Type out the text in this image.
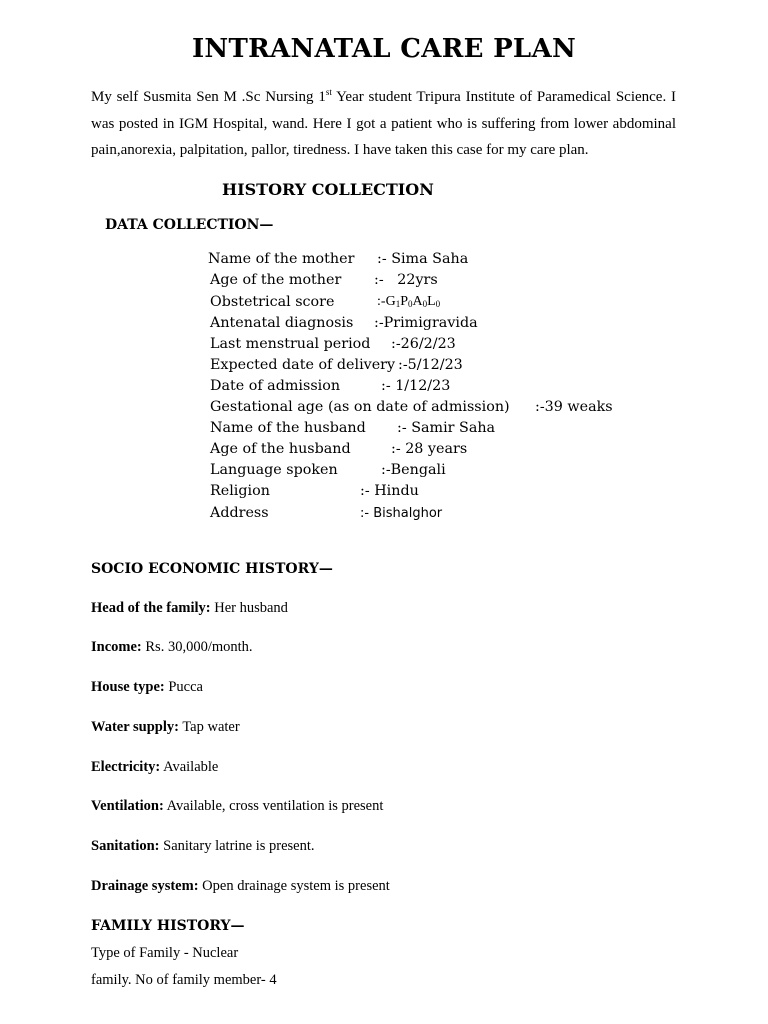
INTRANATAL CARE PLAN

My self Susmita Sen M .Sc Nursing 1st Year student Tripura Institute of Paramedical Science. I was posted in IGM Hospital, wand. Here I got a patient who is suffering from lower abdominal pain,anorexia, palpitation, pallor, tiredness. I have taken this case for my care plan.

HISTORY COLLECTION
DATA COLLECTION—
Name of the mother :- Sima Saha
Age of the mother :-   22yrs
Obstetrical score	$:-G_1P_0A_0L_0$
Antenatal diagnosis :-Primigravida
Last menstrual period :-26/2/23
Expected date of delivery :-5/12/23
Date of admission	:- 1/12/23
Gestational age (as on date of admission) :-39 weaks
Name of the husband :- Samir Saha
Age of the husband	:- 28 years
Language spoken	:-Bengali
Religion	:- Hindu
Address	:- Bishalghor
SOCIO ECONOMIC HISTORY—
Head of the family: Her husband
Income: Rs. 30,000/month.
House type: Pucca
Water supply: Tap water
Electricity: Available
Ventilation: Available, cross ventilation is present
Sanitation: Sanitary latrine is present.
Drainage system: Open drainage system is present
FAMILY HISTORY—
Type of Family - Nuclear
family. No of family member- 4
